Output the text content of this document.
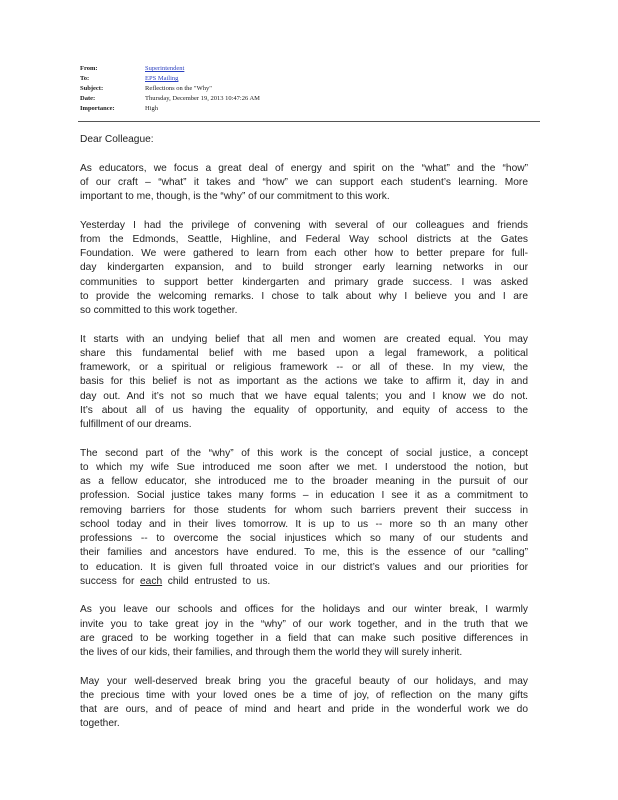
From:	Superintendent
To:	EPS Mailing
Subject:	Reflections on the "Why"
Date:	Thursday, December 19, 2013 10:47:26 AM
Importance:	High

Dear Colleague:

As educators, we focus a great deal of energy and spirit on the “what” and the “how”
of our craft – “what” it takes and “how” we can support each student’s learning. More
important to me, though, is the “why” of our commitment to this work.

Yesterday I had the privilege of convening with several of our colleagues and friends
from the Edmonds, Seattle, Highline, and Federal Way school districts at the Gates
Foundation. We were gathered to learn from each other how to better prepare for full-
day kindergarten expansion, and to build stronger early learning networks in our
communities to support better kindergarten and primary grade success. I was asked
to provide the welcoming remarks. I chose to talk about why I believe you and I are
so committed to this work together.

It starts with an undying belief that all men and women are created equal. You may
share this fundamental belief with me based upon a legal framework, a political
framework, or a spiritual or religious framework -- or all of these. In my view, the
basis for this belief is not as important as the actions we take to affirm it, day in and
day out. And it’s not so much that we have equal talents; you and I know we do not.
It’s about all of us having the equality of opportunity, and equity of access to the
fulfillment of our dreams.

The second part of the “why” of this work is the concept of social justice, a concept
to which my wife Sue introduced me soon after we met. I understood the notion, but
as a fellow educator, she introduced me to the broader meaning in the pursuit of our
profession. Social justice takes many forms – in education I see it as a commitment to
removing barriers for those students for whom such barriers prevent their success in
school today and in their lives tomorrow. It is up to us -- more so th an many other
professions -- to overcome the social injustices which so many of our students and
their families and ancestors have endured. To me, this is the essence of our “calling”
to education. It is given full throated voice in our district’s values and our priorities for
success  for  each  child  entrusted  to  us.

As you leave our schools and offices for the holidays and our winter break, I warmly
invite you to take great joy in the “why” of our work together, and in the truth that we
are graced to be working together in a field that can make such positive differences in
the lives of our kids, their families, and through them the world they will surely inherit.

May your well-deserved break bring you the graceful beauty of our holidays, and may
the precious time with your loved ones be a time of joy, of reflection on the many gifts
that are ours, and of peace of mind and heart and pride in the wonderful work we do
together.
